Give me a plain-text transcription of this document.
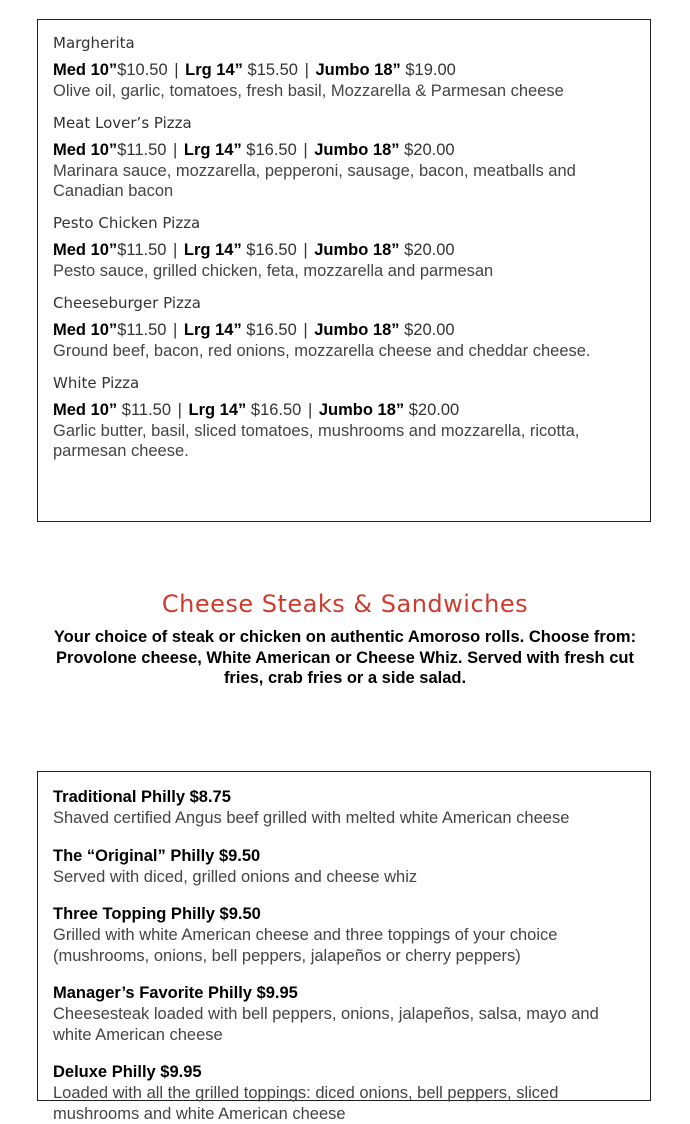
Margherita
Med 10”$10.50 | Lrg 14” $15.50 | Jumbo 18” $19.00
Olive oil, garlic, tomatoes, fresh basil, Mozzarella & Parmesan cheese
Meat Lover’s Pizza
Med 10”$11.50 | Lrg 14” $16.50 | Jumbo 18” $20.00
Marinara sauce, mozzarella, pepperoni, sausage, bacon, meatballs and Canadian bacon
Pesto Chicken Pizza
Med 10”$11.50 | Lrg 14” $16.50 | Jumbo 18” $20.00
Pesto sauce, grilled chicken, feta, mozzarella and parmesan
Cheeseburger Pizza
Med 10”$11.50 | Lrg 14” $16.50 | Jumbo 18” $20.00
Ground beef, bacon, red onions, mozzarella cheese and cheddar cheese.
White Pizza
Med 10” $11.50 | Lrg 14” $16.50 | Jumbo 18” $20.00
Garlic butter, basil, sliced tomatoes, mushrooms and mozzarella, ricotta, parmesan cheese.
Cheese Steaks & Sandwiches
Your choice of steak or chicken on authentic Amoroso rolls. Choose from: Provolone cheese, White American or Cheese Whiz. Served with fresh cut fries, crab fries or a side salad.
Traditional Philly $8.75
Shaved certified Angus beef grilled with melted white American cheese
The “Original” Philly $9.50
Served with diced, grilled onions and cheese whiz
Three Topping Philly $9.50
Grilled with white American cheese and three toppings of your choice (mushrooms, onions, bell peppers, jalapeños or cherry peppers)
Manager’s Favorite Philly $9.95
Cheesesteak loaded with bell peppers, onions, jalapeños, salsa, mayo and white American cheese
Deluxe Philly $9.95
Loaded with all the grilled toppings: diced onions, bell peppers, sliced mushrooms and white American cheese
